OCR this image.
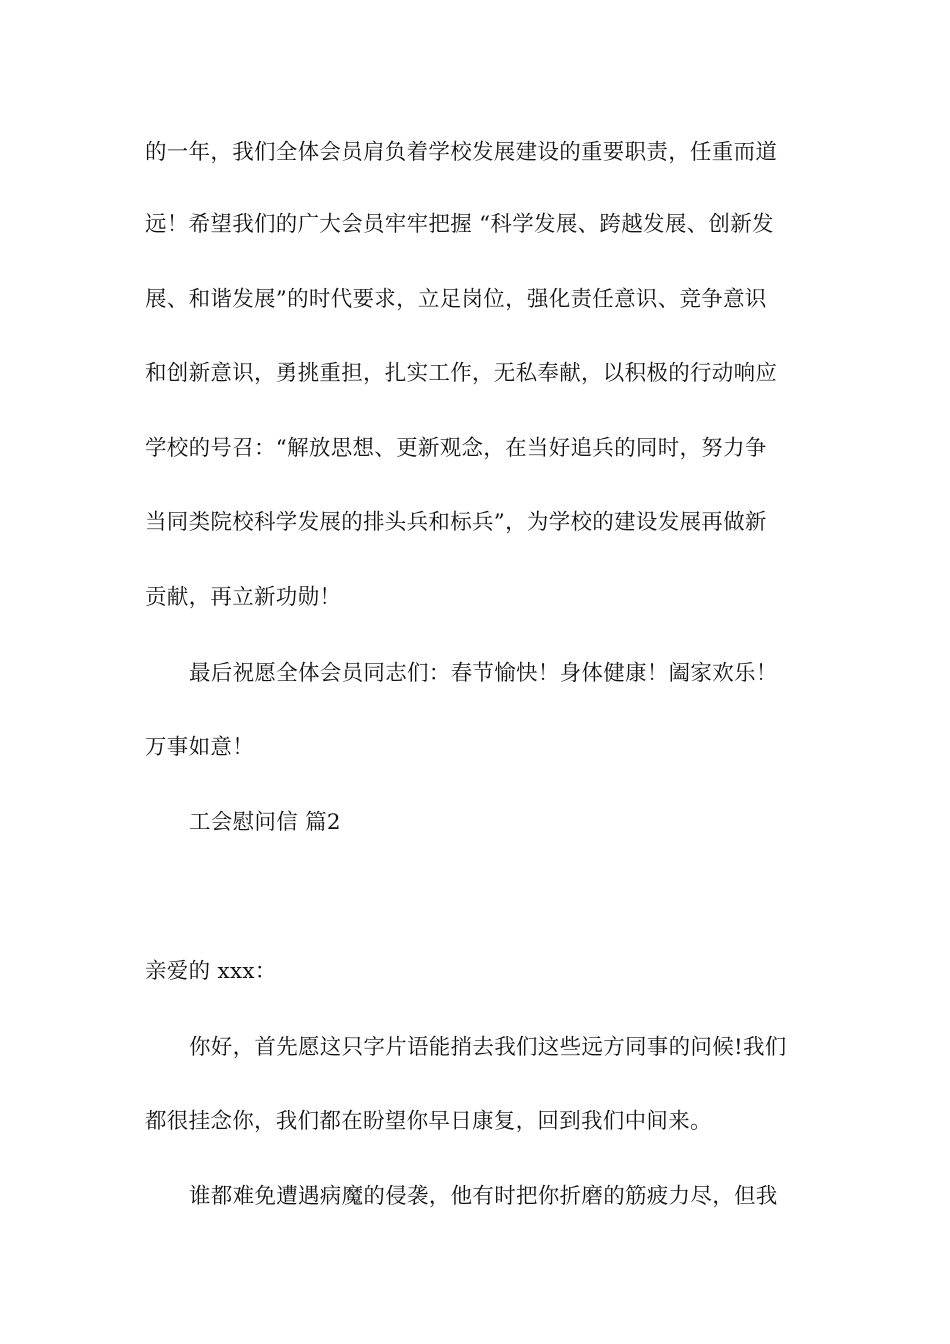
的一年，我们全体会员肩负着学校发展建设的重要职责，任重而道
远！希望我们的广大会员牢牢把握 “科学发展、跨越发展、创新发
展、和谐发展”的时代要求，立足岗位，强化责任意识、竞争意识
和创新意识，勇挑重担，扎实工作，无私奉献，以积极的行动响应
学校的号召：“解放思想、更新观念，在当好追兵的同时，努力争
当同类院校科学发展的排头兵和标兵”，为学校的建设发展再做新
贡献，再立新功勋！
最后祝愿全体会员同志们：春节愉快！身体健康！阖家欢乐！
万事如意！
工会慰问信 篇2
亲爱的 xxx：
你好，首先愿这只字片语能捎去我们这些远方同事的问候!我们
都很挂念你，我们都在盼望你早日康复，回到我们中间来。
谁都难免遭遇病魔的侵袭，他有时把你折磨的筋疲力尽，但我
